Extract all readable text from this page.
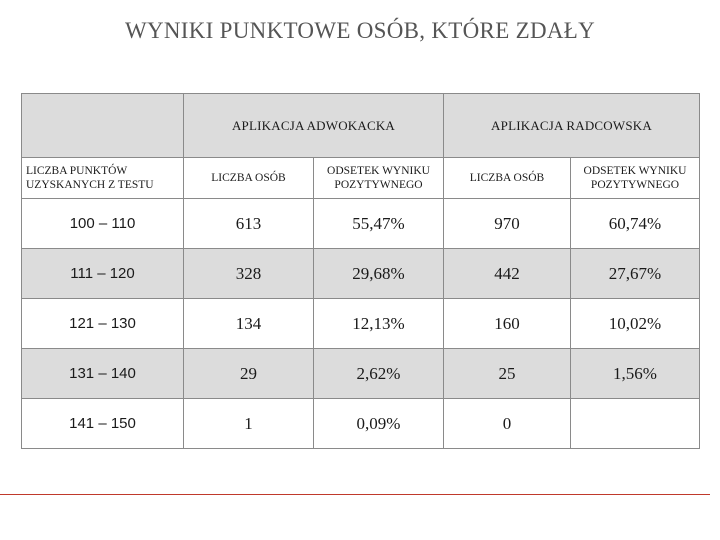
WYNIKI PUNKTOWE OSÓB, KTÓRE ZDAŁY
	APLIKACJA ADWOKACKA		APLIKACJA RADCOWSKA	
LICZBA PUNKTÓW UZYSKANYCH Z TESTU	LICZBA OSÓB	ODSETEK WYNIKU POZYTYWNEGO	LICZBA OSÓB	ODSETEK WYNIKU POZYTYWNEGO
100 – 110	613	55,47%	970	60,74%
111 – 120	328	29,68%	442	27,67%
121 – 130	134	12,13%	160	10,02%
131 – 140	29	2,62%	25	1,56%
141 – 150	1	0,09%	0	
